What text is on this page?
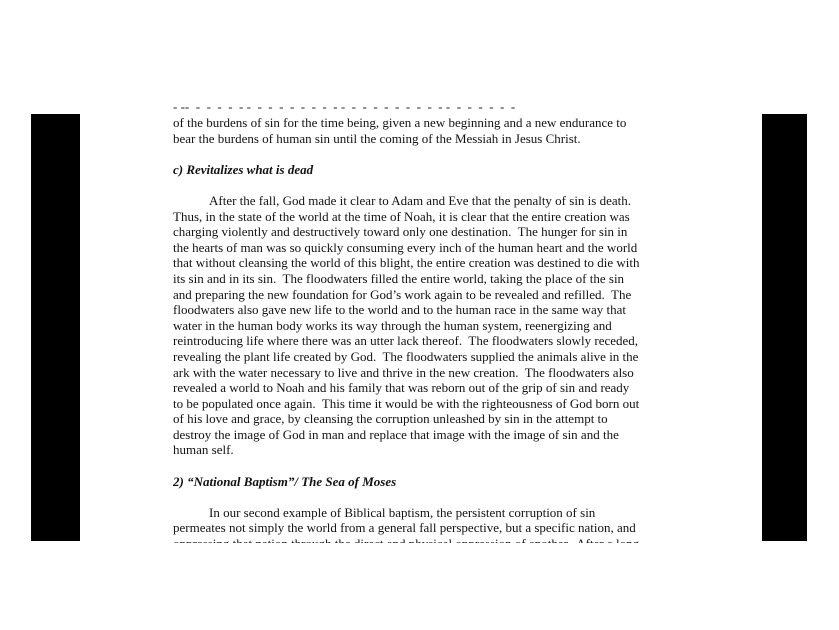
- --  -  -  -  -  - -  -  -  -  -  -  -  -  - -  -  -  -  -  -  -  -  -  - -  -  -  -  -  -  -
of the burdens of sin for the time being, given a new beginning and a new endurance to
bear the burdens of human sin until the coming of the Messiah in Jesus Christ.
c) Revitalizes what is dead
After the fall, God made it clear to Adam and Eve that the penalty of sin is death.
Thus, in the state of the world at the time of Noah, it is clear that the entire creation was
charging violently and destructively toward only one destination.  The hunger for sin in
the hearts of man was so quickly consuming every inch of the human heart and the world
that without cleansing the world of this blight, the entire creation was destined to die with
its sin and in its sin.  The floodwaters filled the entire world, taking the place of the sin
and preparing the new foundation for God’s work again to be revealed and refilled.  The
floodwaters also gave new life to the world and to the human race in the same way that
water in the human body works its way through the human system, reenergizing and
reintroducing life where there was an utter lack thereof.  The floodwaters slowly receded,
revealing the plant life created by God.  The floodwaters supplied the animals alive in the
ark with the water necessary to live and thrive in the new creation.  The floodwaters also
revealed a world to Noah and his family that was reborn out of the grip of sin and ready
to be populated once again.  This time it would be with the righteousness of God born out
of his love and grace, by cleansing the corruption unleashed by sin in the attempt to
destroy the image of God in man and replace that image with the image of sin and the
human self.
2) “National Baptism”/ The Sea of Moses
In our second example of Biblical baptism, the persistent corruption of sin
permeates not simply the world from a general fall perspective, but a specific nation, and
